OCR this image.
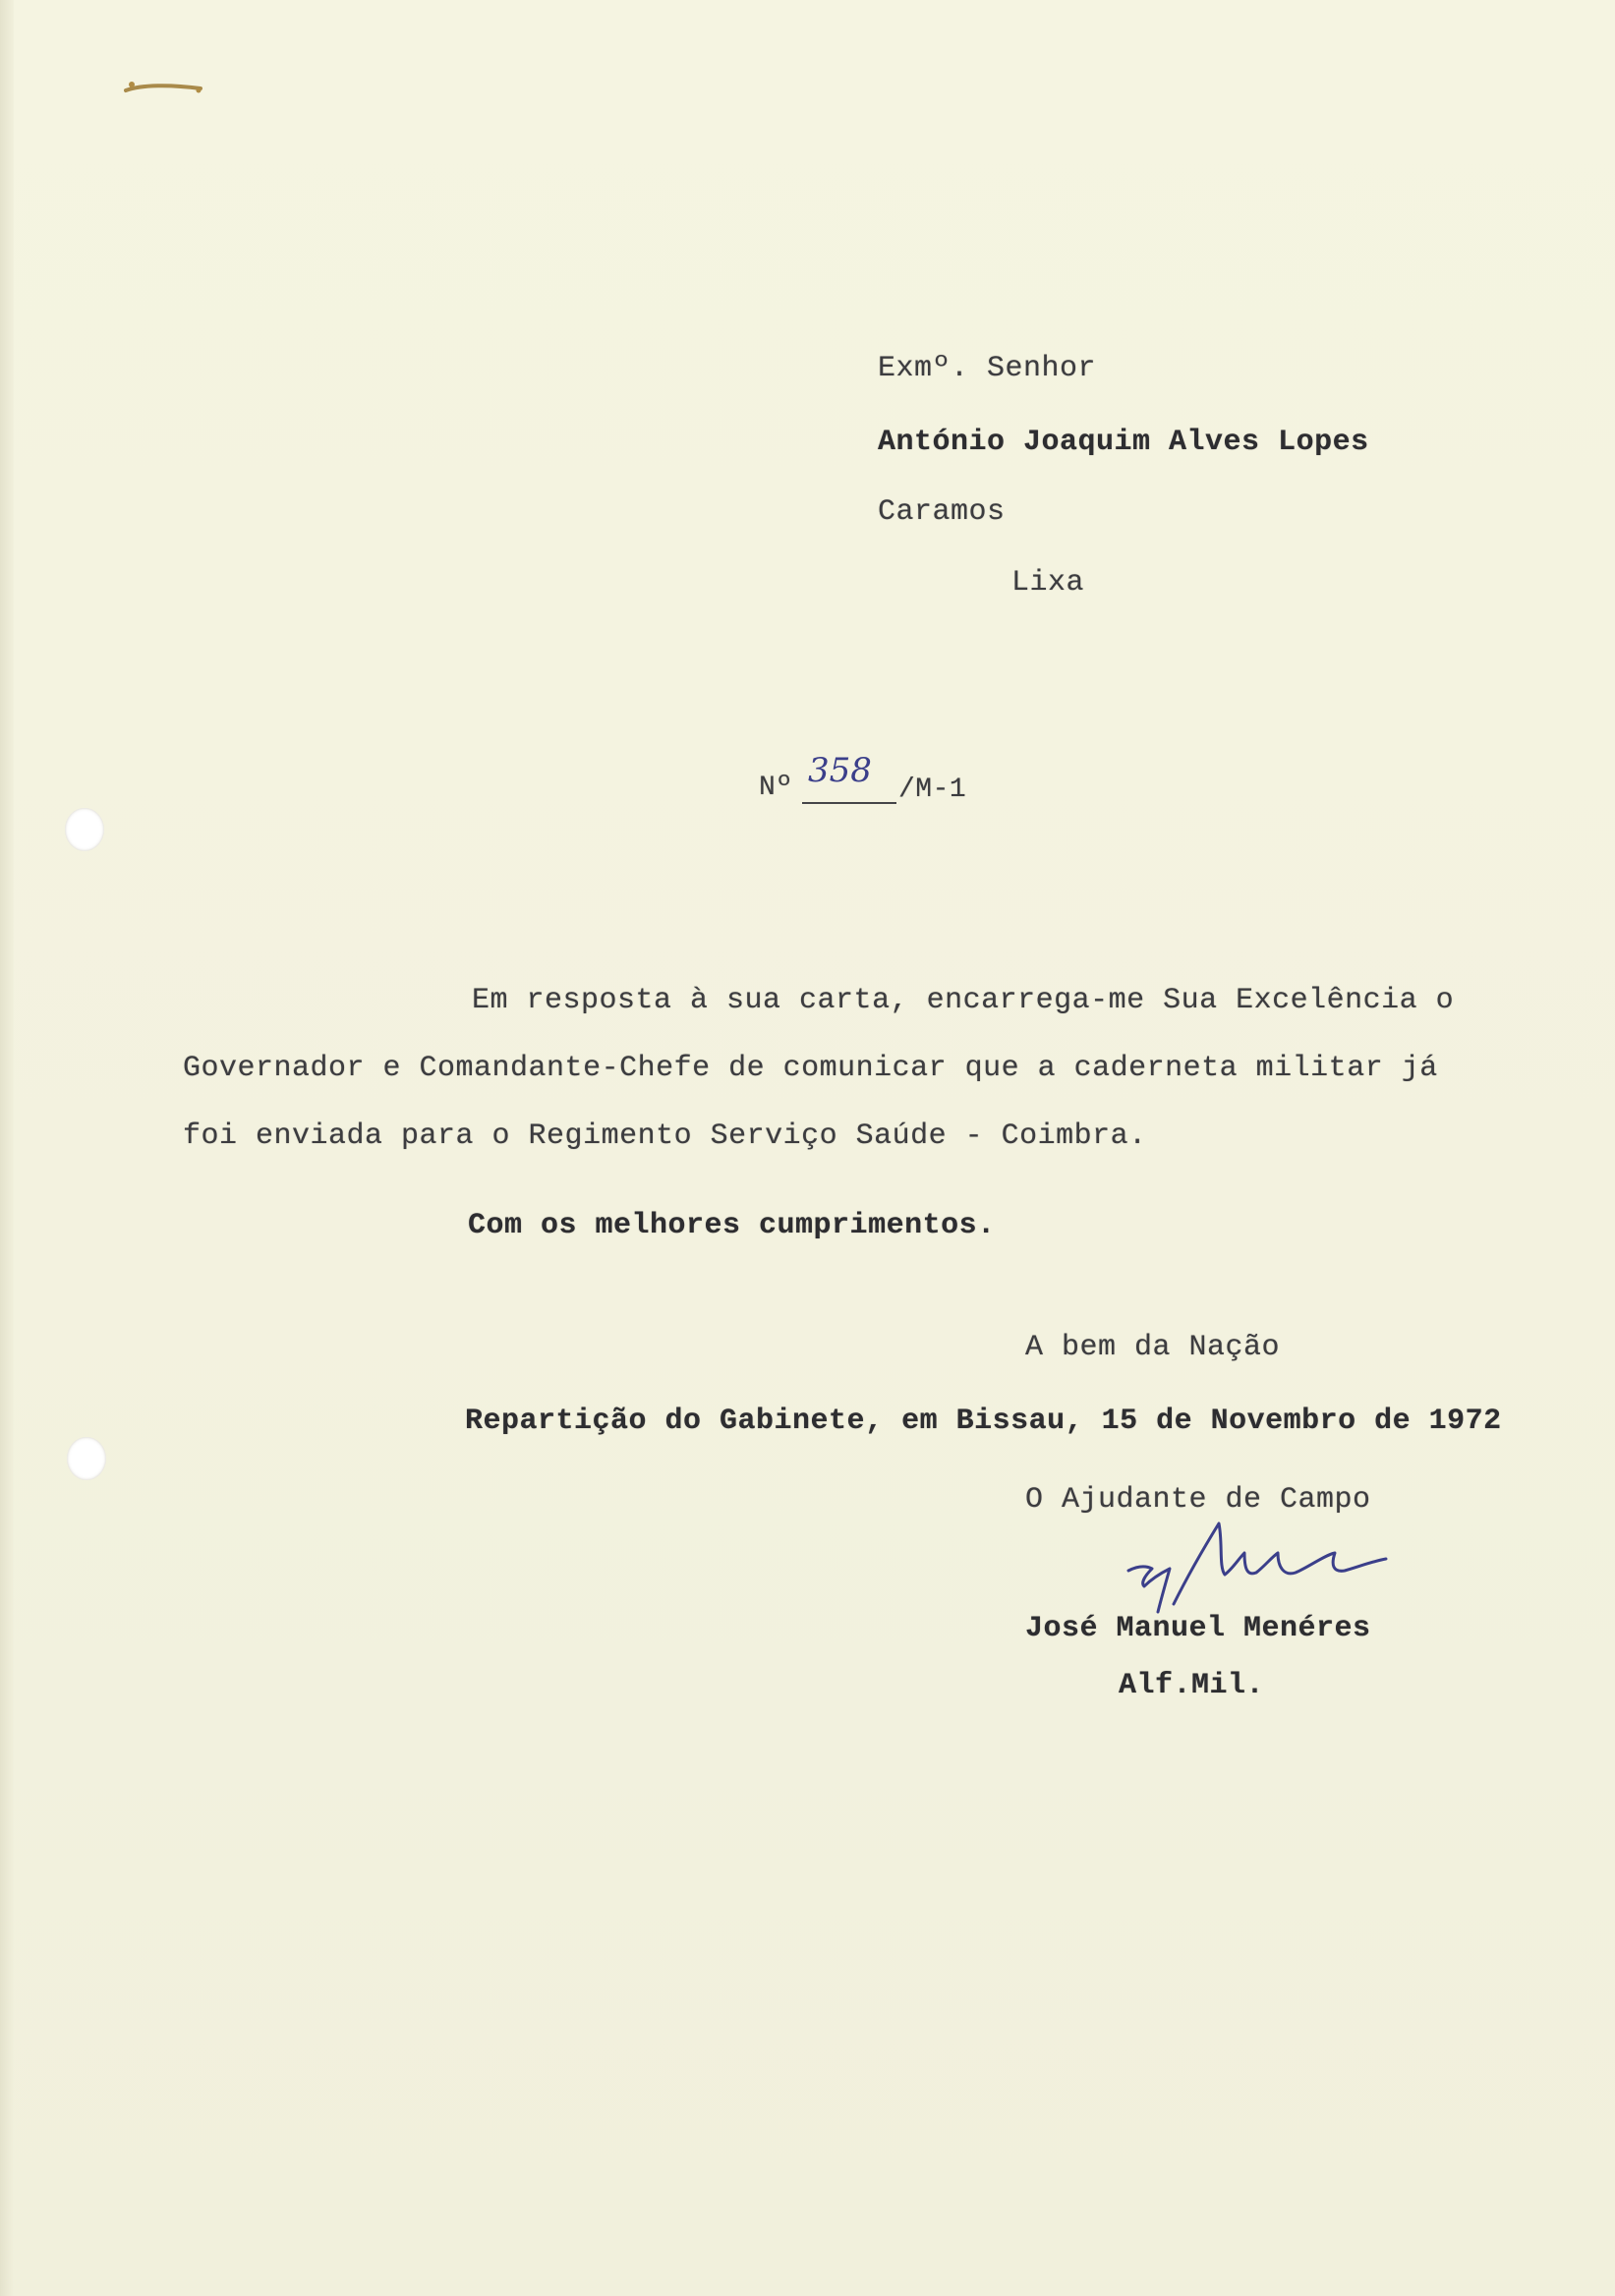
Exmº. Senhor
António Joaquim Alves Lopes
Caramos
Lixa
Nº 358 /M-1
Em resposta à sua carta, encarrega-me Sua Excelência o
Governador e Comandante-Chefe de comunicar que a caderneta militar já
foi enviada para o Regimento Serviço Saúde - Coimbra.
Com os melhores cumprimentos.
A bem da Nação
Repartição do Gabinete, em Bissau, 15 de Novembro de 1972
O Ajudante de Campo
José Manuel Menéres
Alf.Mil.
